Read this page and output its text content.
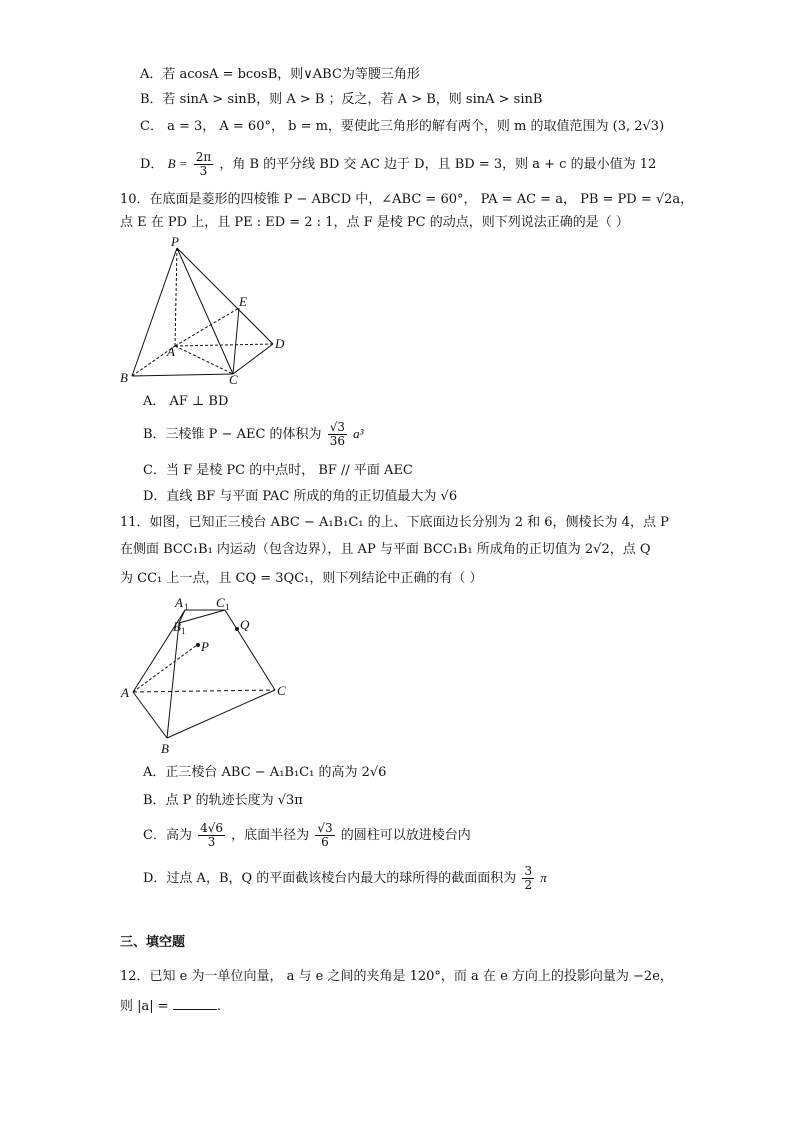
A．若 acosA = bcosB，则∨ABC为等腰三角形
B．若 sinA > sinB，则 A > B ；反之，若 A > B，则 sinA > sinB
C． a = 3， A = 60°， b = m，要使此三角形的解有两个，则 m 的取值范围为 (3, 2√3)
D． $B = \frac{2\pi}{3}$ ，角 B 的平分线 BD 交 AC 边于 D，且 BD = 3，则 a + c 的最小值为 12
10．在底面是菱形的四棱锥 P − ABCD 中，∠ABC = 60°， PA = AC = a， PB = PD = √2a，
点 E 在 PD 上，且 PE : ED = 2 : 1，点 F 是棱 PC 的动点，则下列说法正确的是（ ）
P
E
A
D
B	C
A． AF ⊥ BD
B．三棱锥 P − AEC 的体积为 $\frac{√3}{36} a^3$
C．当 F 是棱 PC 的中点时， BF // 平面 AEC
D．直线 BF 与平面 PAC 所成的角的正切值最大为 √6
11．如图，已知正三棱台 ABC − A₁B₁C₁ 的上、下底面边长分别为 2 和 6，侧棱长为 4，点 P
在侧面 BCC₁B₁ 内运动（包含边界），且 AP 与平面 BCC₁B₁ 所成角的正切值为 2√2，点 Q
为 CC₁ 上一点，且 CQ = 3QC₁，则下列结论中正确的有（ ）
A 1 C 1
B 1	Q
P
A	C
B
A．正三棱台 ABC − A₁B₁C₁ 的高为 2√6
B．点 P 的轨迹长度为 √3π
C．高为 $\frac{4√6}{3}$ ，底面半径为 $\frac{√3}{6}$ 的圆柱可以放进棱台内
D．过点 A，B，Q 的平面截该棱台内最大的球所得的截面面积为 $\frac{3}{2}$ π
三、填空题
12．已知 e 为一单位向量， a 与 e 之间的夹角是 120°，而 a 在 e 方向上的投影向量为 −2e，
则 |a| =	.
